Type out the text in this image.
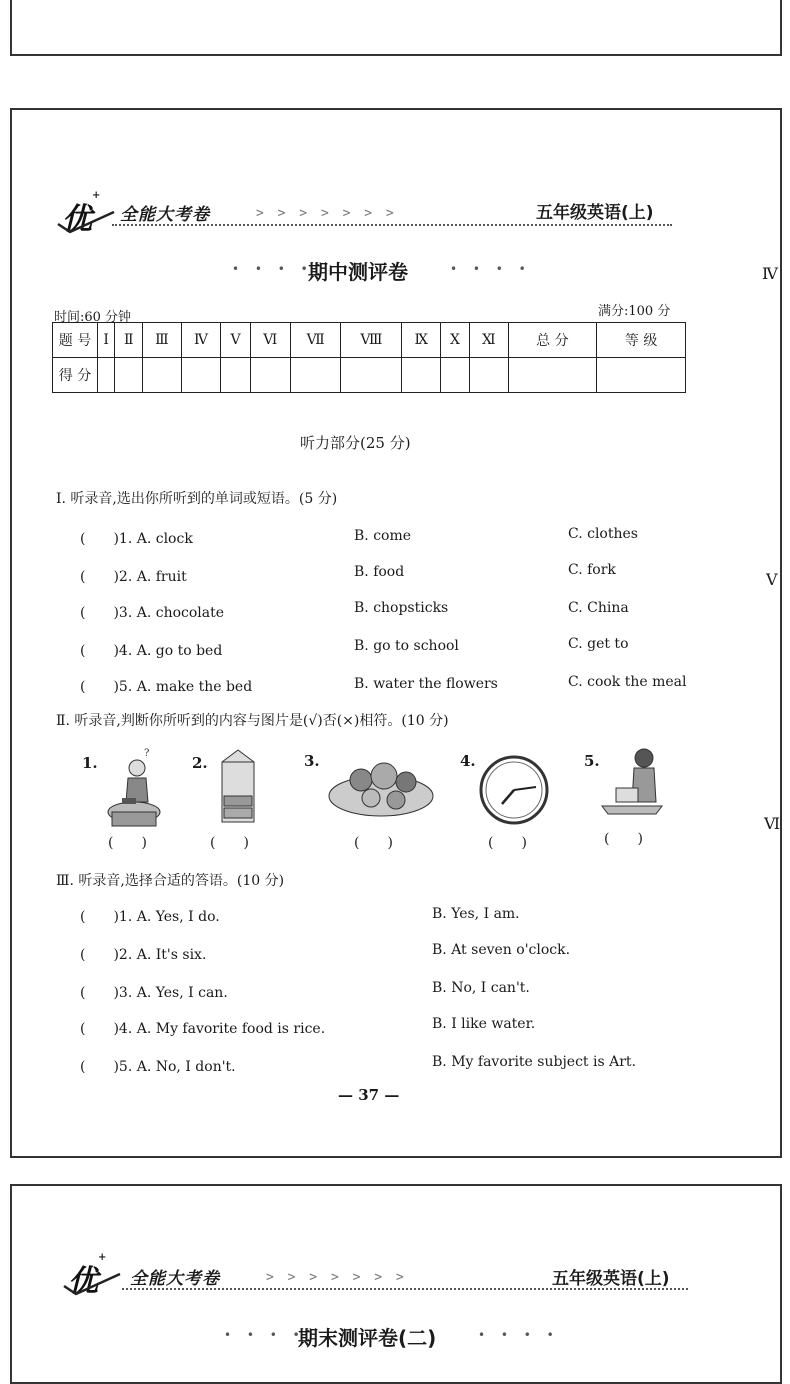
优
+
全能大考卷	> > > > > > >	五年级英语(上)
• • • •
期中测评卷	• • • •
时间:60 分钟	满分:100 分
题 号	Ⅰ	Ⅱ	Ⅲ	Ⅳ	Ⅴ	Ⅵ	Ⅶ	Ⅷ	Ⅸ	Ⅹ	Ⅺ	总 分	等 级
得 分													
听力部分(25 分)
Ⅰ. 听录音,选出你所听到的单词或短语。(5 分)
(　　)1. A. clock	B. come	C. clothes
(　　)2. A. fruit	B. food	C. fork
(　　)3. A. chocolate	B. chopsticks	C. China
(　　)4. A. go to bed	B. go to school	C. get to
(　　)5. A. make the bed	B. water the flowers	C. cook the meal
Ⅱ. 听录音,判断你所听到的内容与图片是(√)否(×)相符。(10 分)
1.
?
(　　)
2.
(　　)
3.
(　　)
4.
(　　)
5.
(　　)
Ⅲ. 听录音,选择合适的答语。(10 分)
(　　)1. A. Yes, I do.	B. Yes, I am.
(　　)2. A. It's six.	B. At seven o'clock.
(　　)3. A. Yes, I can.	B. No, I can't.
(　　)4. A. My favorite food is rice.	B. I like water.
(　　)5. A. No, I don't.	B. My favorite subject is Art.
— 37 —
Ⅳ
Ⅴ
Ⅵ
优
+
全能大考卷	> > > > > > >	五年级英语(上)
• • • •
期末测评卷(二)	• • • •
